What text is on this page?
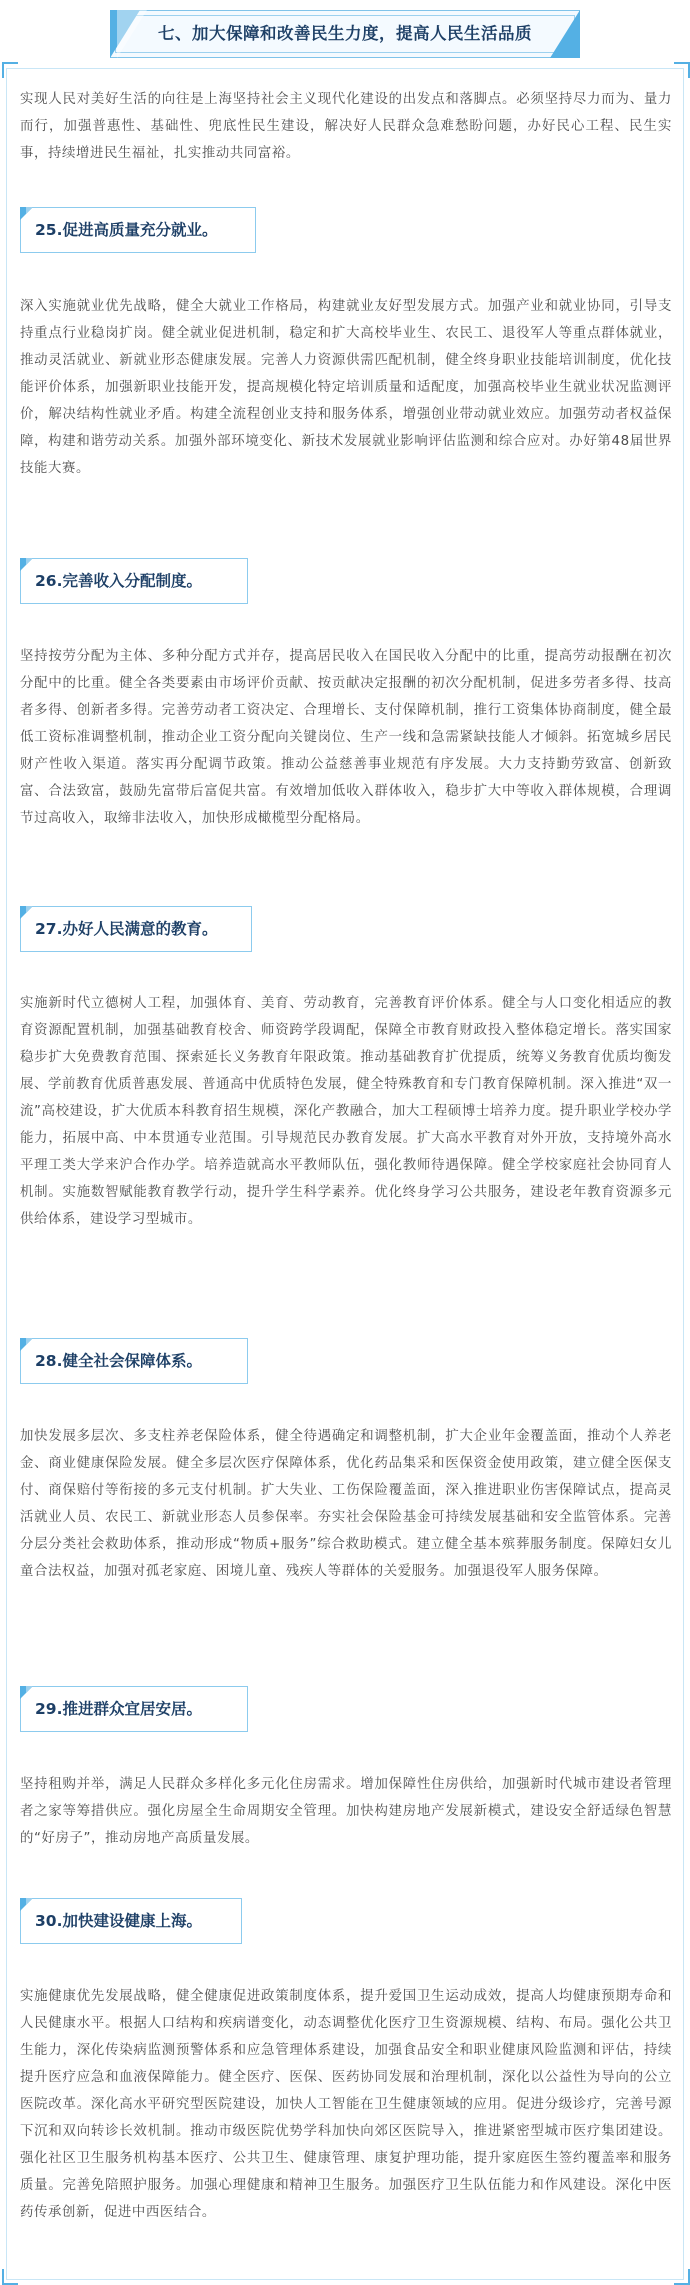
七、加大保障和改善民生力度，提高人民生活品质

实现人民对美好生活的向往是上海坚持社会主义现代化建设的出发点和落脚点。必须坚持尽力而为、量力而行，加强普惠性、基础性、兜底性民生建设，解决好人民群众急难愁盼问题，办好民心工程、民生实事，持续增进民生福祉，扎实推动共同富裕。

25.促进高质量充分就业。

深入实施就业优先战略，健全大就业工作格局，构建就业友好型发展方式。加强产业和就业协同，引导支持重点行业稳岗扩岗。健全就业促进机制，稳定和扩大高校毕业生、农民工、退役军人等重点群体就业，推动灵活就业、新就业形态健康发展。完善人力资源供需匹配机制，健全终身职业技能培训制度，优化技能评价体系，加强新职业技能开发，提高规模化特定培训质量和适配度，加强高校毕业生就业状况监测评价，解决结构性就业矛盾。构建全流程创业支持和服务体系，增强创业带动就业效应。加强劳动者权益保障，构建和谐劳动关系。加强外部环境变化、新技术发展就业影响评估监测和综合应对。办好第48届世界技能大赛。

26.完善收入分配制度。

坚持按劳分配为主体、多种分配方式并存，提高居民收入在国民收入分配中的比重，提高劳动报酬在初次分配中的比重。健全各类要素由市场评价贡献、按贡献决定报酬的初次分配机制，促进多劳者多得、技高者多得、创新者多得。完善劳动者工资决定、合理增长、支付保障机制，推行工资集体协商制度，健全最低工资标准调整机制，推动企业工资分配向关键岗位、生产一线和急需紧缺技能人才倾斜。拓宽城乡居民财产性收入渠道。落实再分配调节政策。推动公益慈善事业规范有序发展。大力支持勤劳致富、创新致富、合法致富，鼓励先富带后富促共富。有效增加低收入群体收入，稳步扩大中等收入群体规模，合理调节过高收入，取缔非法收入，加快形成橄榄型分配格局。

27.办好人民满意的教育。

实施新时代立德树人工程，加强体育、美育、劳动教育，完善教育评价体系。健全与人口变化相适应的教育资源配置机制，加强基础教育校舍、师资跨学段调配，保障全市教育财政投入整体稳定增长。落实国家稳步扩大免费教育范围、探索延长义务教育年限政策。推动基础教育扩优提质，统筹义务教育优质均衡发展、学前教育优质普惠发展、普通高中优质特色发展，健全特殊教育和专门教育保障机制。深入推进“双一流”高校建设，扩大优质本科教育招生规模，深化产教融合，加大工程硕博士培养力度。提升职业学校办学能力，拓展中高、中本贯通专业范围。引导规范民办教育发展。扩大高水平教育对外开放，支持境外高水平理工类大学来沪合作办学。培养造就高水平教师队伍，强化教师待遇保障。健全学校家庭社会协同育人机制。实施数智赋能教育教学行动，提升学生科学素养。优化终身学习公共服务，建设老年教育资源多元供给体系，建设学习型城市。

28.健全社会保障体系。

加快发展多层次、多支柱养老保险体系，健全待遇确定和调整机制，扩大企业年金覆盖面，推动个人养老金、商业健康保险发展。健全多层次医疗保障体系，优化药品集采和医保资金使用政策，建立健全医保支付、商保赔付等衔接的多元支付机制。扩大失业、工伤保险覆盖面，深入推进职业伤害保障试点，提高灵活就业人员、农民工、新就业形态人员参保率。夯实社会保险基金可持续发展基础和安全监管体系。完善分层分类社会救助体系，推动形成“物质+服务”综合救助模式。建立健全基本殡葬服务制度。保障妇女儿童合法权益，加强对孤老家庭、困境儿童、残疾人等群体的关爱服务。加强退役军人服务保障。

29.推进群众宜居安居。

坚持租购并举，满足人民群众多样化多元化住房需求。增加保障性住房供给，加强新时代城市建设者管理者之家等筹措供应。强化房屋全生命周期安全管理。加快构建房地产发展新模式，建设安全舒适绿色智慧的“好房子”，推动房地产高质量发展。

30.加快建设健康上海。

实施健康优先发展战略，健全健康促进政策制度体系，提升爱国卫生运动成效，提高人均健康预期寿命和人民健康水平。根据人口结构和疾病谱变化，动态调整优化医疗卫生资源规模、结构、布局。强化公共卫生能力，深化传染病监测预警体系和应急管理体系建设，加强食品安全和职业健康风险监测和评估，持续提升医疗应急和血液保障能力。健全医疗、医保、医药协同发展和治理机制，深化以公益性为导向的公立医院改革。深化高水平研究型医院建设，加快人工智能在卫生健康领域的应用。促进分级诊疗，完善号源下沉和双向转诊长效机制。推动市级医院优势学科加快向郊区医院导入，推进紧密型城市医疗集团建设。强化社区卫生服务机构基本医疗、公共卫生、健康管理、康复护理功能，提升家庭医生签约覆盖率和服务质量。完善免陪照护服务。加强心理健康和精神卫生服务。加强医疗卫生队伍能力和作风建设。深化中医药传承创新，促进中西医结合。
